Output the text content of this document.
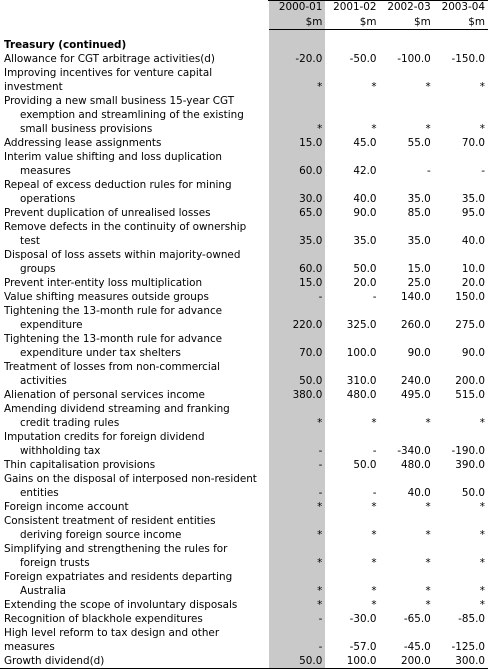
	2000-01	2001-02	2002-03	2003-04
	$m	$m	$m	$m
Treasury (continued)				

Allowance for CGT arbitrage activities(d)	-20.0	-50.0	-100.0	-150.0

Improving incentives for venture capital investment	*	*	*	*

Providing a new small business 15-year CGT
exemption and streamlining of the existing
small business provisions	*	*	*	*

Addressing lease assignments	15.0	45.0	55.0	70.0

Interim value shifting and loss duplication
measures	60.0	42.0	-	-

Repeal of excess deduction rules for mining
operations	30.0	40.0	35.0	35.0

Prevent duplication of unrealised losses	65.0	90.0	85.0	95.0

Remove defects in the continuity of ownership
test	35.0	35.0	35.0	40.0

Disposal of loss assets within majority-owned
groups	60.0	50.0	15.0	10.0

Prevent inter-entity loss multiplication	15.0	20.0	25.0	20.0

Value shifting measures outside groups	-	-	140.0	150.0

Tightening the 13-month rule for advance
expenditure	220.0	325.0	260.0	275.0

Tightening the 13-month rule for advance
expenditure under tax shelters	70.0	100.0	90.0	90.0

Treatment of losses from non-commercial
activities	50.0	310.0	240.0	200.0

Alienation of personal services income	380.0	480.0	495.0	515.0

Amending dividend streaming and franking
credit trading rules	*	*	*	*

Imputation credits for foreign dividend
withholding tax	-	-	-340.0	-190.0

Thin capitalisation provisions	-	50.0	480.0	390.0

Gains on the disposal of interposed non-resident
entities	-	-	40.0	50.0

Foreign income account	*	*	*	*

Consistent treatment of resident entities
deriving foreign source income	*	*	*	*

Simplifying and strengthening the rules for
foreign trusts	*	*	*	*

Foreign expatriates and residents departing
Australia	*	*	*	*

Extending the scope of involuntary disposals	*	*	*	*

Recognition of blackhole expenditures	-	-30.0	-65.0	-85.0

High level reform to tax design and other measures	-	-57.0	-45.0	-125.0

Growth dividend(d)	50.0	100.0	200.0	300.0
